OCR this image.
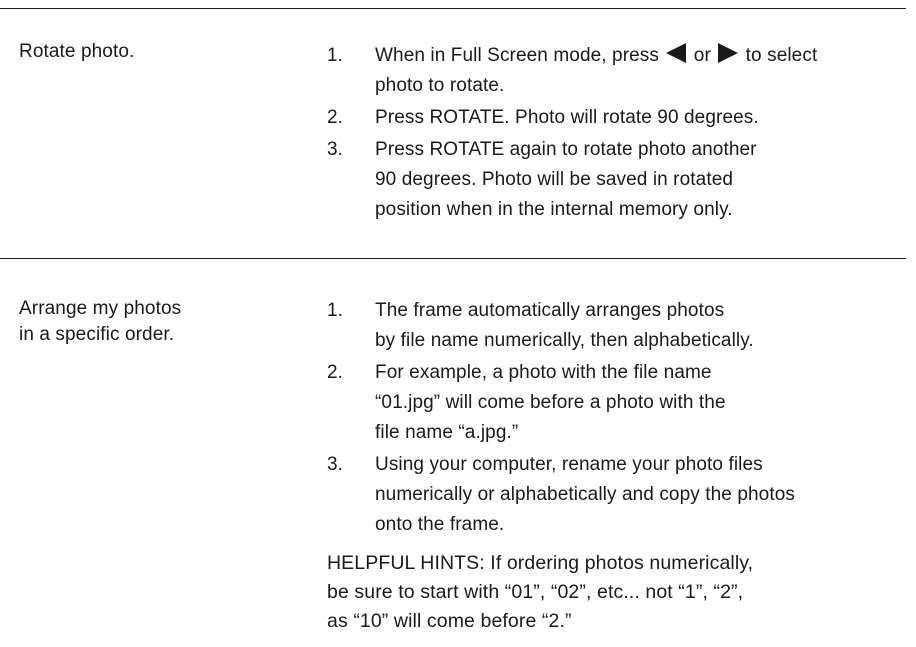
Rotate photo.	1.	When in Full Screen mode, press or to select
photo to rotate.
2.	Press ROTATE. Photo will rotate 90 degrees.
3.	Press ROTATE again to rotate photo another
90 degrees. Photo will be saved in rotated
position when in the internal memory only.
Arrange my photos
in a specific order.
1.	The frame automatically arranges photos
by file name numerically, then alphabetically.
2.	For example, a photo with the file name
“01.jpg” will come before a photo with the
file name “a.jpg.”
3.	Using your computer, rename your photo files
numerically or alphabetically and copy the photos
onto the frame.
HELPFUL HINTS: If ordering photos numerically,
be sure to start with “01”, “02”, etc... not “1”, “2”,
as “10” will come before “2.”
